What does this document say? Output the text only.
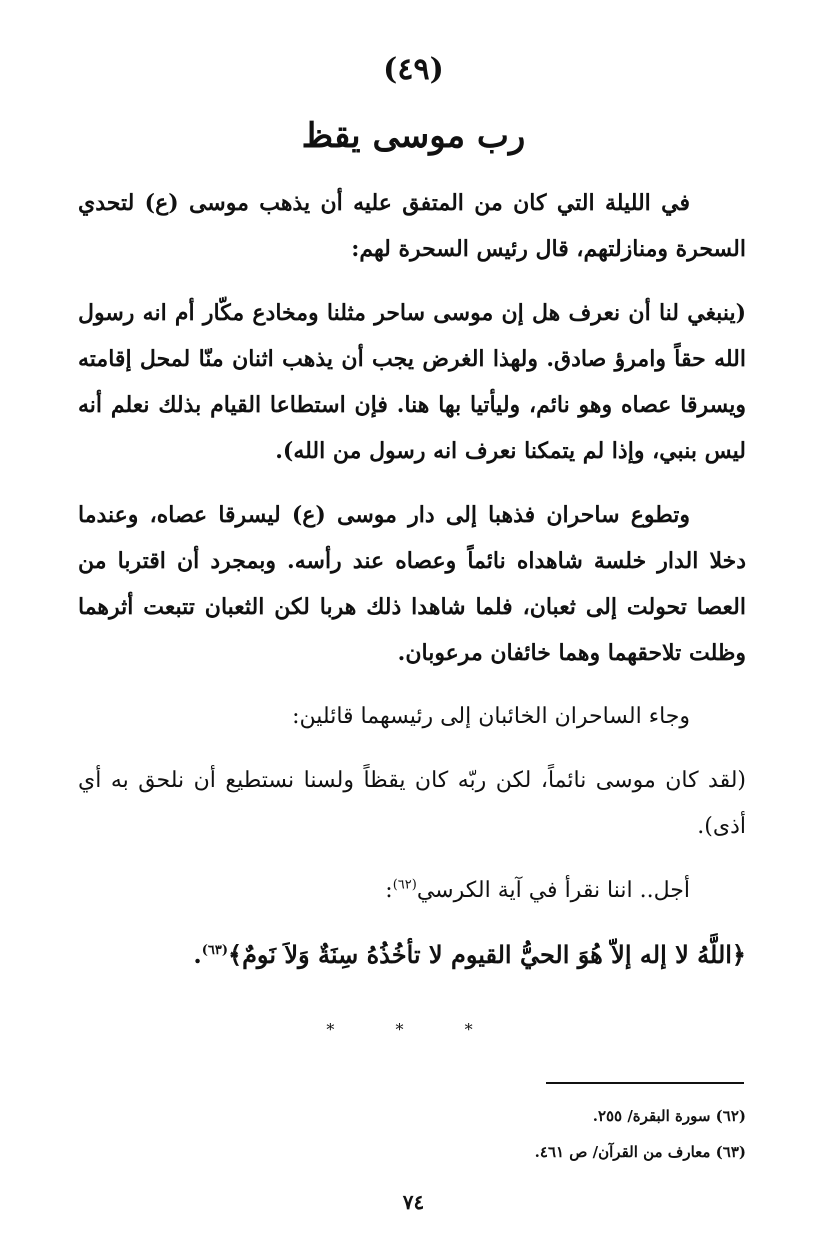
(٤٩)
رب موسى يقظ

في الليلة التي كان من المتفق عليه أن يذهب موسى (ع) لتحدي السحرة ومنازلتهم، قال رئيس السحرة لهم:

(ينبغي لنا أن نعرف هل إن موسى ساحر مثلنا ومخادع مكّار أم انه رسول الله حقاً وامرؤ صادق. ولهذا الغرض يجب أن يذهب اثنان منّا لمحل إقامته ويسرقا عصاه وهو نائم، وليأتيا بها هنا. فإن استطاعا القيام بذلك نعلم أنه ليس بنبي، وإذا لم يتمكنا نعرف انه رسول من الله).

وتطوع ساحران فذهبا إلى دار موسى (ع) ليسرقا عصاه، وعندما دخلا الدار خلسة شاهداه نائماً وعصاه عند رأسه. وبمجرد أن اقتربا من العصا تحولت إلى ثعبان، فلما شاهدا ذلك هربا لكن الثعبان تتبعت أثرهما وظلت تلاحقهما وهما خائفان مرعوبان.

وجاء الساحران الخائبان إلى رئيسهما قائلين:

(لقد كان موسى نائماً، لكن ربّه كان يقظاً ولسنا نستطيع أن نلحق به أي أذى).

أجل.. اننا نقرأ في آية الكرسي$^{(٦٢)}$:

﴿اللَّهُ لا إله إلاّ هُوَ الحيُّ القيوم لا تأخُذُهُ سِنَةٌ وَلاَ نَومٌ﴾$^{(٦٣)}$.

* * *
(٦٢) سورة البقرة/ ٢٥٥.
(٦٣) معارف من القرآن/ ص ٤٦١.
٧٤
